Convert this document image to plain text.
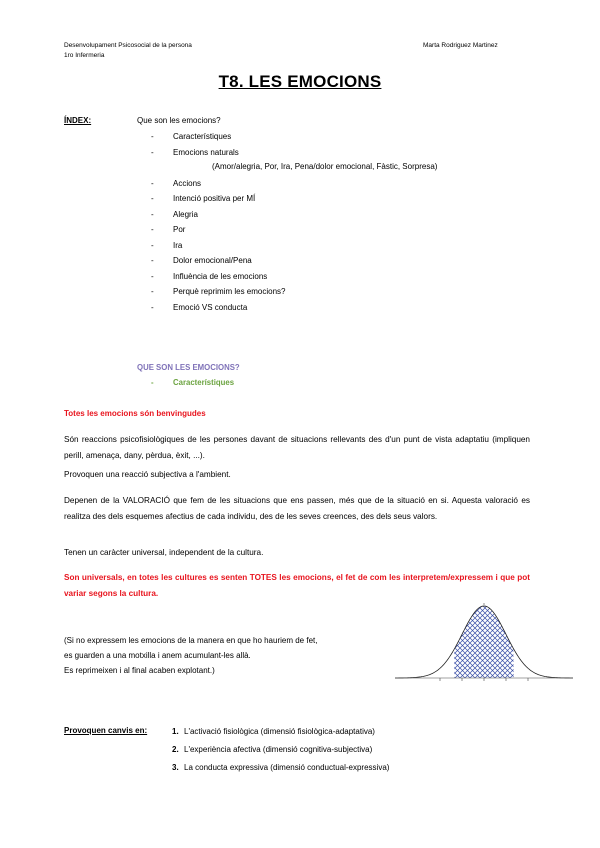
Desenvolupament Psicosocial de la persona
1ro Infermeria
Marta Rodriguez Martinez
T8. LES EMOCIONS
ÍNDEX:	Que son les emocions?
- Característiques
- Emocions naturals
- Accions
- Intenció positiva per MÍ
- Alegria
- Por
- Ira
- Dolor emocional/Pena
- Influència de les emocions
- Perquè reprimim les emocions?
- Emoció VS conducta
(Amor/alegria, Por, Ira, Pena/dolor emocional, Fàstic, Sorpresa)
QUE SON LES EMOCIONS?
- Característiques
Totes les emocions són benvingudes

Són reaccions psicofisiològiques de les persones davant de situacions rellevants des d'un punt de vista adaptatiu (impliquen perill, amenaça, dany, pèrdua, èxit, ...).

Provoquen una reacció subjectiva a l'ambient.

Depenen de la VALORACIÓ que fem de les situacions que ens passen, més que de la situació en si. Aquesta valoració es realitza des dels esquemes afectius de cada individu, des de les seves creences, des dels seus valors.

Tenen un caràcter universal, independent de la cultura.

Son universals, en totes les cultures es senten TOTES les emocions, el fet de com les interpretem/expressem i que pot variar segons la cultura.

(Si no expressem les emocions de la manera en que ho hauriem de fet,
es guarden a una motxilla i anem acumulant-les allà.
Es reprimeixen i al final acaben explotant.)
Provoquen canvis en:	1. L'activació fisiològica (dimensió fisiològica-adaptativa)
2. L'experiència afectiva (dimensió cognitiva-subjectiva)
3. La conducta expressiva (dimensió conductual-expressiva)
